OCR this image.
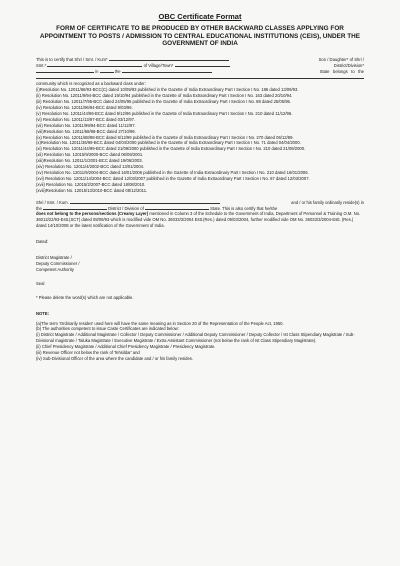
OBC Certificate Format
FORM OF CERTIFICATE TO BE PRODUCED BY OTHER BACKWARD CLASSES APPLYING FOR APPOINTMENT TO POSTS / ADMISSION TO CENTRAL EDUCATIONAL INSTITUTIONS (CEIS), UNDER THE GOVERNMENT OF INDIA
This is to certify that Shri / Smt. / Kum*	Son / Daughter* of Shri /
Smt.*	of Village/Town*	District/Division*
in	the	State belongs to the

community which is recognized as a backward class under:

(i)Resolution No. 12011/68/93-BCC(C) dated 10/09/93 published in the Gazette of India Extraordinary Part I Section I No. 186 dated 13/09/93.
(ii) Resolution No. 12011/9/94-BCC dated 19/10/94 published in the Gazette of India Extraordinary Part I Section I No. 163 dated 20/10/94.
(iii) Resolution No. 12011/7/95-BCC dated 24/05/95 published in the Gazette of India Extraordinary Part I Section I No. 88 dated 25/05/95.
(iv) Resolution No. 12011/96/94-BCC dated 9/03/96.
(v) Resolution No. 12011/44/96-BCC dated 6/12/96 published in the Gazette of India Extraordinary Part I Section I No. 210 dated 11/12/96.
(vi) Resolution No. 12011/13/97-BCC dated 03/12/97.
(vii) Resolution No. 12011/99/94-BCC dated 11/12/97.
(viii)Resolution No. 12011/68/98-BCC dated 27/10/99.
(ix) Resolution No. 12011/88/98-BCC dated 6/12/99 published in the Gazette of India Extraordinary Part I Section I No. 270 dated 06/12/99.
(x)Resolution No. 12011/36/99-BCC dated 04/04/2000 published in the Gazette of India Extraordinary Part I Section I No. 71 dated 04/04/2000.
(xi) Resolution No. 12011/44/99-BCC dated 21/09/2000 published in the Gazette of India Extraordinary Part I Section I No. 210 dated 21/09/2000.
(xii) Resolution No. 12015/9/2000-BCC dated 06/09/2001.
(xiii)Resolution No. 12011/1/2001-BCC dated 19/06/2003.
(xiv) Resolution No. 12011/4/2002-BCC dated 13/01/2004.
(xv) Resolution No. 12011/9/2004-BCC dated 16/01/2006 published in the Gazette of India Extraordinary Part I Section I No. 210 dated 16/01/2006.
(xvi) Resolution No. 12011/14/2004-BCC dated 12/03/2007 published in the Gazette of India Extraordinary Part I Section I No. 67 dated 12/03/2007.
(xvii) Resolution No. 12015/2/2007-BCC dated 18/08/2010.
(xviii)Resolution No. 12015/13/2010-BCC dated 08/12/2011.
Shri / Smt. / Kum.	and / or his family ordinarily reside(s) in
the	District / Division of	State. This is also certify that he/she

does not belong to the persons/sections (Creamy Layer) mentioned in Column 3 of the Schedule to the Government of India, Department of Personnel & Training O.M. No. 36012/22/93-Estt.(SCT) dated 08/09/93 which is modified vide OM No. 36033/3/2004 Estt.(Res.) dated 09/03/2004, further modified vide OM No. 36033/3/2004-Estt. (Res.) dated 14/10/2008 or the latest notification of the Government of India.

Dated:

District Magistrate /
Deputy Commissioner /
Competent Authority

Seal

* Please delete the word(s) which are not applicable.

NOTE:

(a)The term 'Ordinarily resides' used here will have the same meaning as in Section 20 of the Representation of the People Act, 1950.

(b) The authorities competent to issue Caste Certificates are indicated below:

(i) District Magistrate / Additional Magistrate / Collector / Deputy Commissioner / Additional Deputy Commissioner / Deputy Collector / Ist Class Stipendiary Magistrate / Sub-Divisional magistrate / Taluka Magistrate / Executive Magistrate / Extra Assistant Commissioner (not below the rank of Ist Class Stipendiary Magistrate).
(ii) Chief Presidency Magistrate / Additional Chief Presidency Magistrate / Presidency Magistrate.
(iii) Revenue Officer not below the rank of Tehsildar' and
(iv) Sub-Divisional Officer of the area where the candidate and / or his family resides.
